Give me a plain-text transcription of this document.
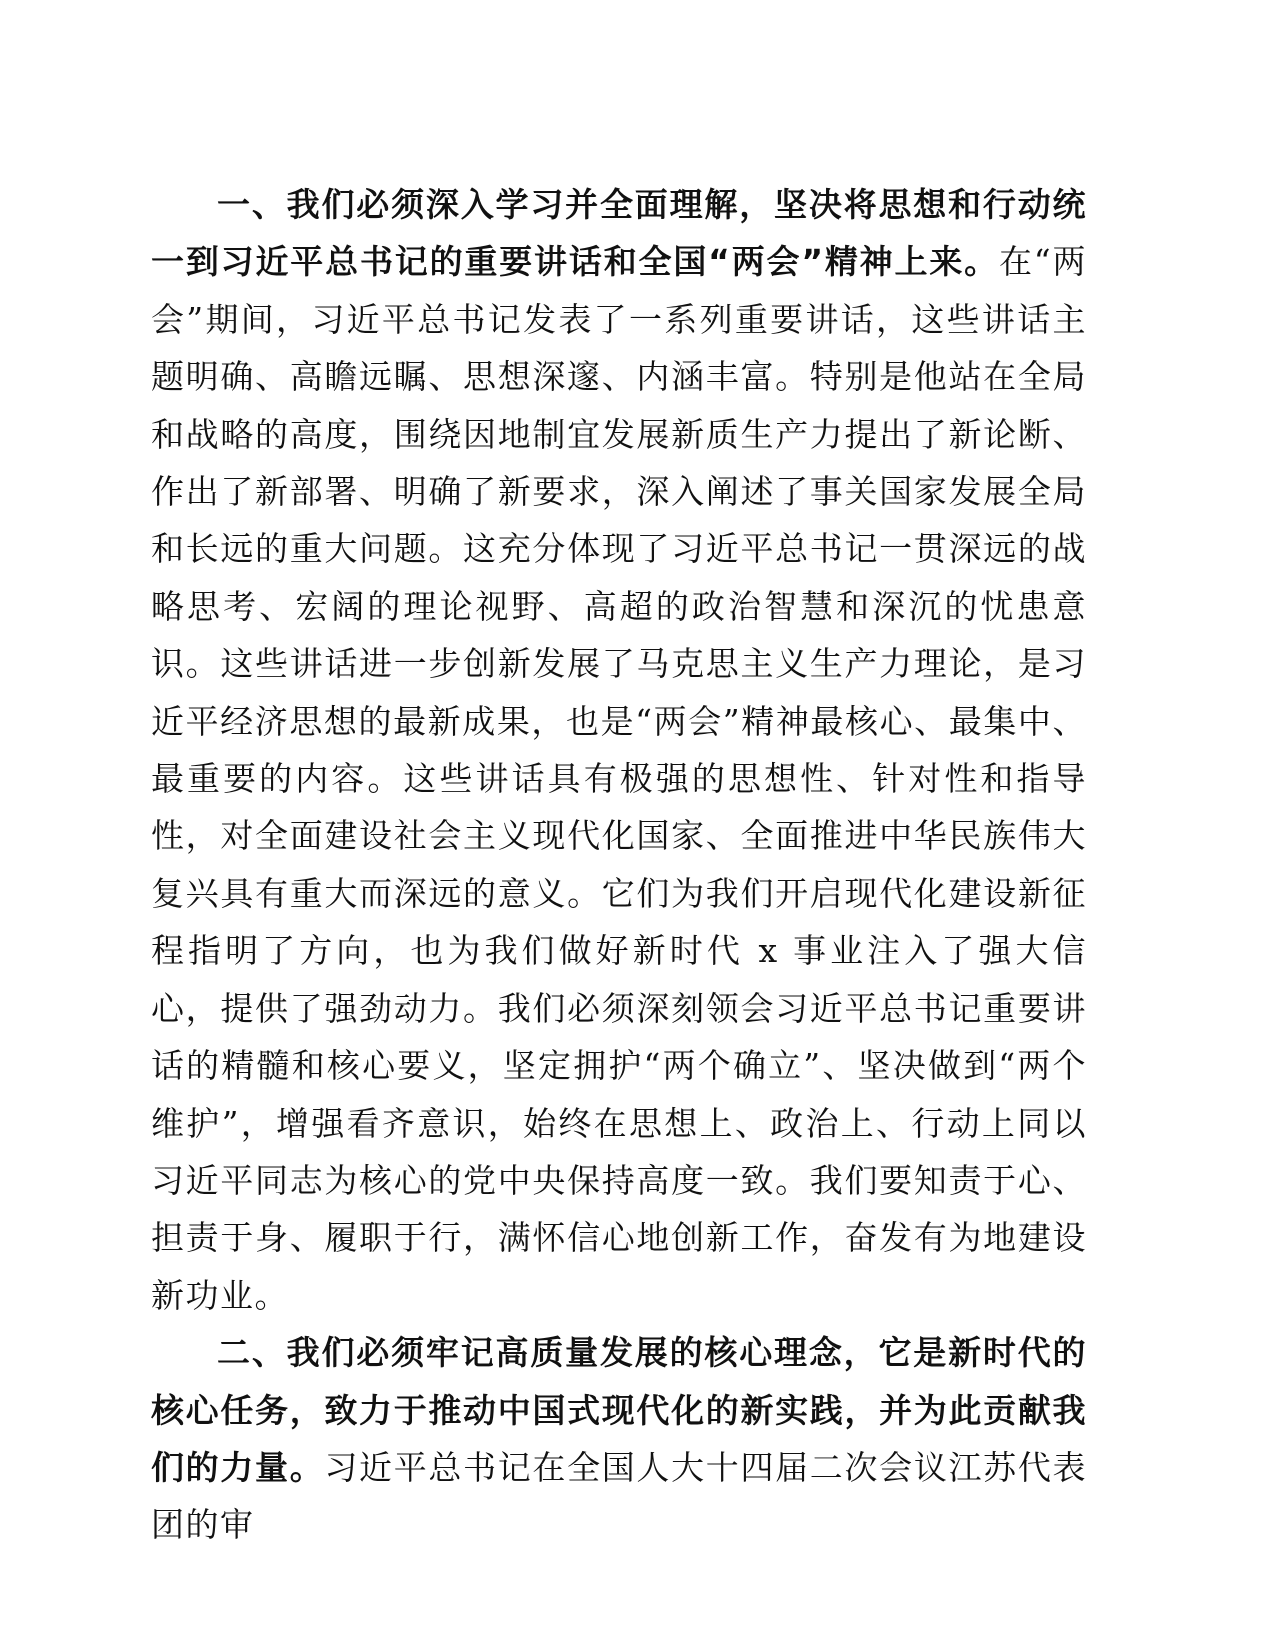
一、我们必须深入学习并全面理解，坚决将思想和行动统一到习近平总书记的重要讲话和全国“两会”精神上来。在“两会”期间，习近平总书记发表了一系列重要讲话，这些讲话主题明确、高瞻远瞩、思想深邃、内涵丰富。特别是他站在全局和战略的高度，围绕因地制宜发展新质生产力提出了新论断、作出了新部署、明确了新要求，深入阐述了事关国家发展全局和长远的重大问题。这充分体现了习近平总书记一贯深远的战略思考、宏阔的理论视野、高超的政治智慧和深沉的忧患意识。这些讲话进一步创新发展了马克思主义生产力理论，是习近平经济思想的最新成果，也是“两会”精神最核心、最集中、最重要的内容。这些讲话具有极强的思想性、针对性和指导性，对全面建设社会主义现代化国家、全面推进中华民族伟大复兴具有重大而深远的意义。它们为我们开启现代化建设新征程指明了方向，也为我们做好新时代 x 事业注入了强大信心，提供了强劲动力。我们必须深刻领会习近平总书记重要讲话的精髓和核心要义，坚定拥护“两个确立”、坚决做到“两个维护”，增强看齐意识，始终在思想上、政治上、行动上同以习近平同志为核心的党中央保持高度一致。我们要知责于心、担责于身、履职于行，满怀信心地创新工作，奋发有为地建设新功业。

二、我们必须牢记高质量发展的核心理念，它是新时代的核心任务，致力于推动中国式现代化的新实践，并为此贡献我们的力量。习近平总书记在全国人大十四届二次会议江苏代表团的审
